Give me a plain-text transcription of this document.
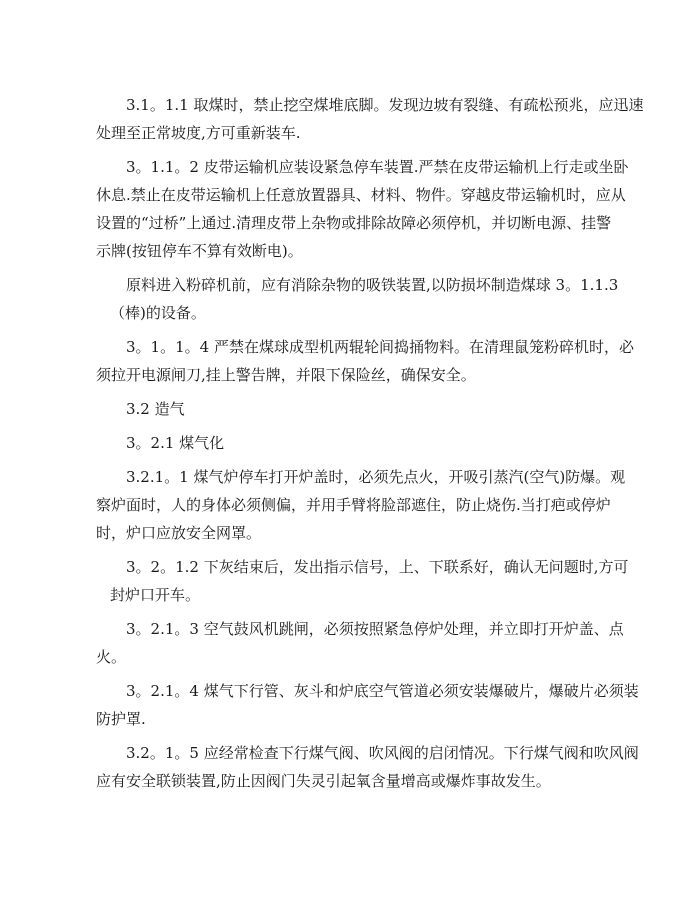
3.1。1.1 取煤时，禁止挖空煤堆底脚。发现边坡有裂缝、有疏松预兆，应迅速
处理至正常坡度,方可重新装车.
3。1.1。2 皮带运输机应装设紧急停车装置.严禁在皮带运输机上行走或坐卧
休息.禁止在皮带运输机上任意放置器具、材料、物件。穿越皮带运输机时，应从
设置的“过桥”上通过.清理皮带上杂物或排除故障必须停机，并切断电源、挂警
示牌(按钮停车不算有效断电)。
原料进入粉碎机前，应有消除杂物的吸铁装置,以防损坏制造煤球 3。1.1.3
（棒)的设备。
3。1。1。4 严禁在煤球成型机两辊轮间捣捅物料。在清理鼠笼粉碎机时，必
须拉开电源闸刀,挂上警告牌，并限下保险丝，确保安全。
3.2 造气
3。2.1 煤气化
3.2.1。1 煤气炉停车打开炉盖时，必须先点火，开吸引蒸汽(空气)防爆。观
察炉面时，人的身体必须侧偏，并用手臂将脸部遮住，防止烧伤.当打疤或停炉
时，炉口应放安全网罩。
3。2。1.2 下灰结束后，发出指示信号，上、下联系好，确认无问题时,方可
封炉口开车。
3。2.1。3 空气鼓风机跳闸，必须按照紧急停炉处理，并立即打开炉盖、点
火。
3。2.1。4 煤气下行管、灰斗和炉底空气管道必须安装爆破片，爆破片必须装
防护罩.
3.2。1。5 应经常检查下行煤气阀、吹风阀的启闭情况。下行煤气阀和吹风阀
应有安全联锁装置,防止因阀门失灵引起氧含量增高或爆炸事故发生。
